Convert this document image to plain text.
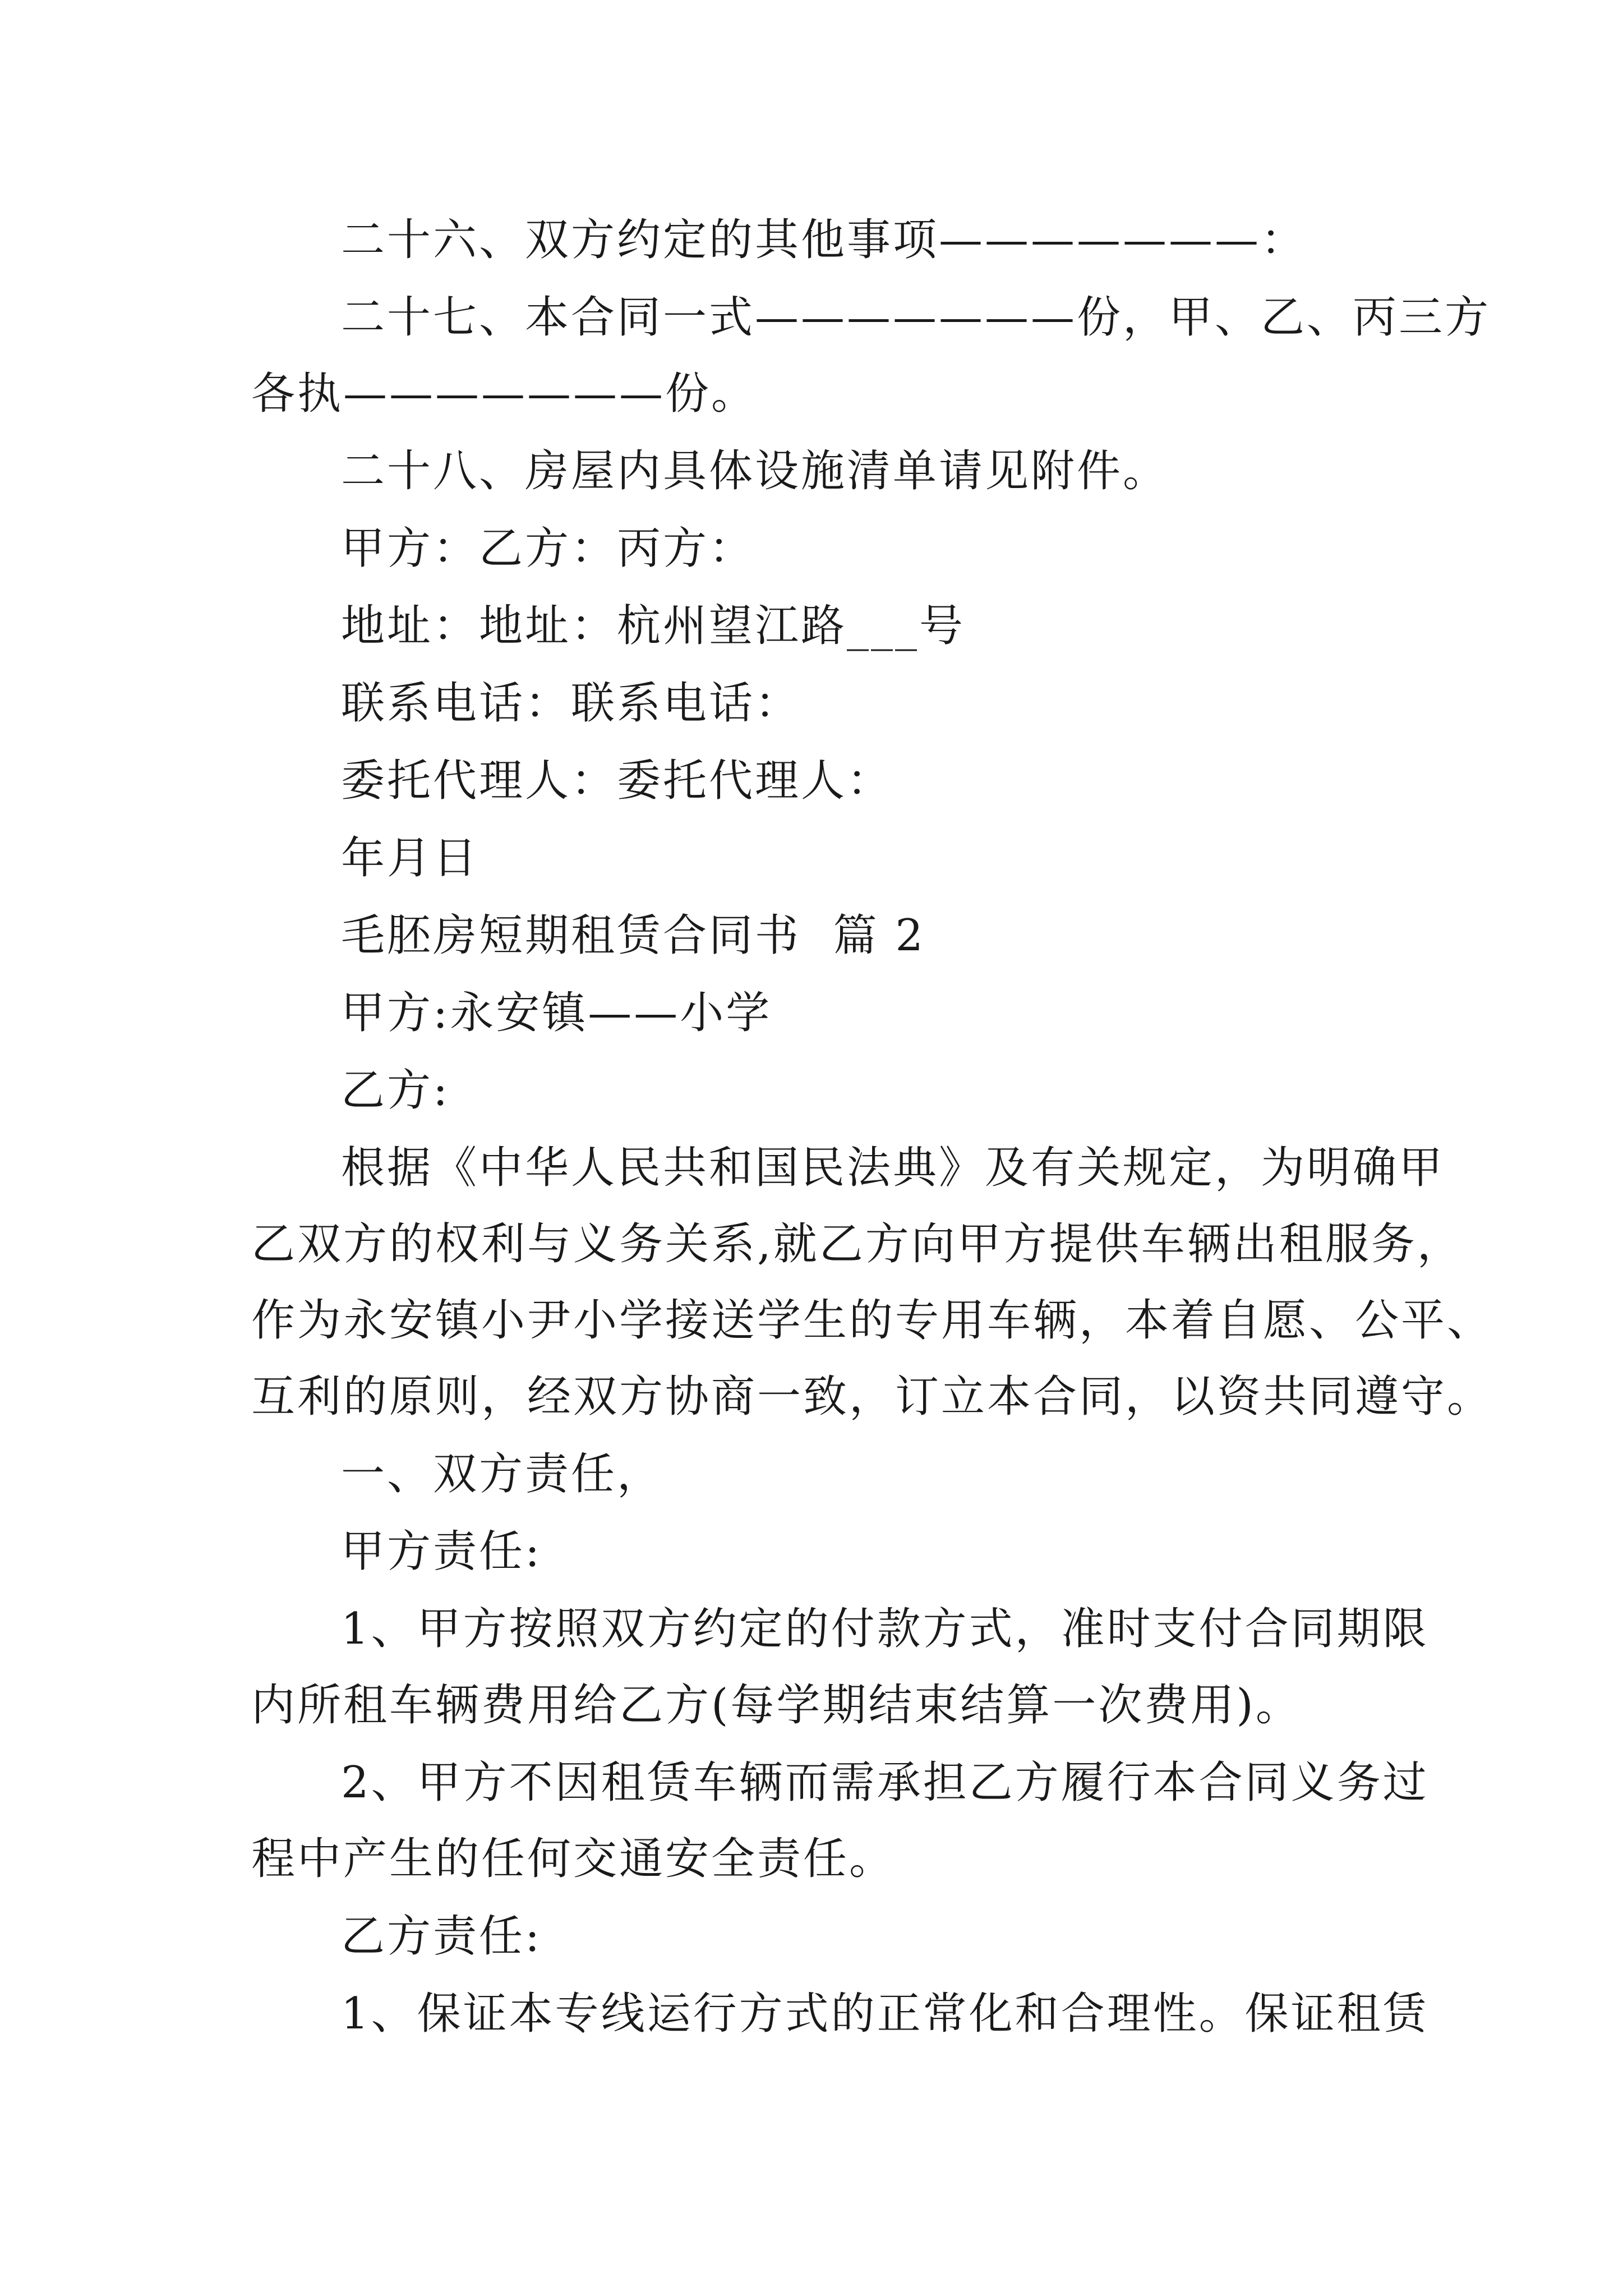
二十六、双方约定的其他事项———————：
二十七、本合同一式———————份，甲、乙、丙三方
各执———————份。
二十八、房屋内具体设施清单请见附件。
甲方：乙方：丙方：
地址：地址：杭州望江路___号
联系电话：联系电话：
委托代理人：委托代理人：
年月日
毛胚房短期租赁合同书  篇 2
甲方:永安镇——小学
乙方:
根据《中华人民共和国民法典》及有关规定，为明确甲
乙双方的权利与义务关系,就乙方向甲方提供车辆出租服务，
作为永安镇小尹小学接送学生的专用车辆，本着自愿、公平、
互利的原则，经双方协商一致，订立本合同，以资共同遵守。
一、双方责任，
甲方责任:
1、甲方按照双方约定的付款方式，准时支付合同期限
内所租车辆费用给乙方(每学期结束结算一次费用)。
2、甲方不因租赁车辆而需承担乙方履行本合同义务过
程中产生的任何交通安全责任。
乙方责任:
1、保证本专线运行方式的正常化和合理性。保证租赁
